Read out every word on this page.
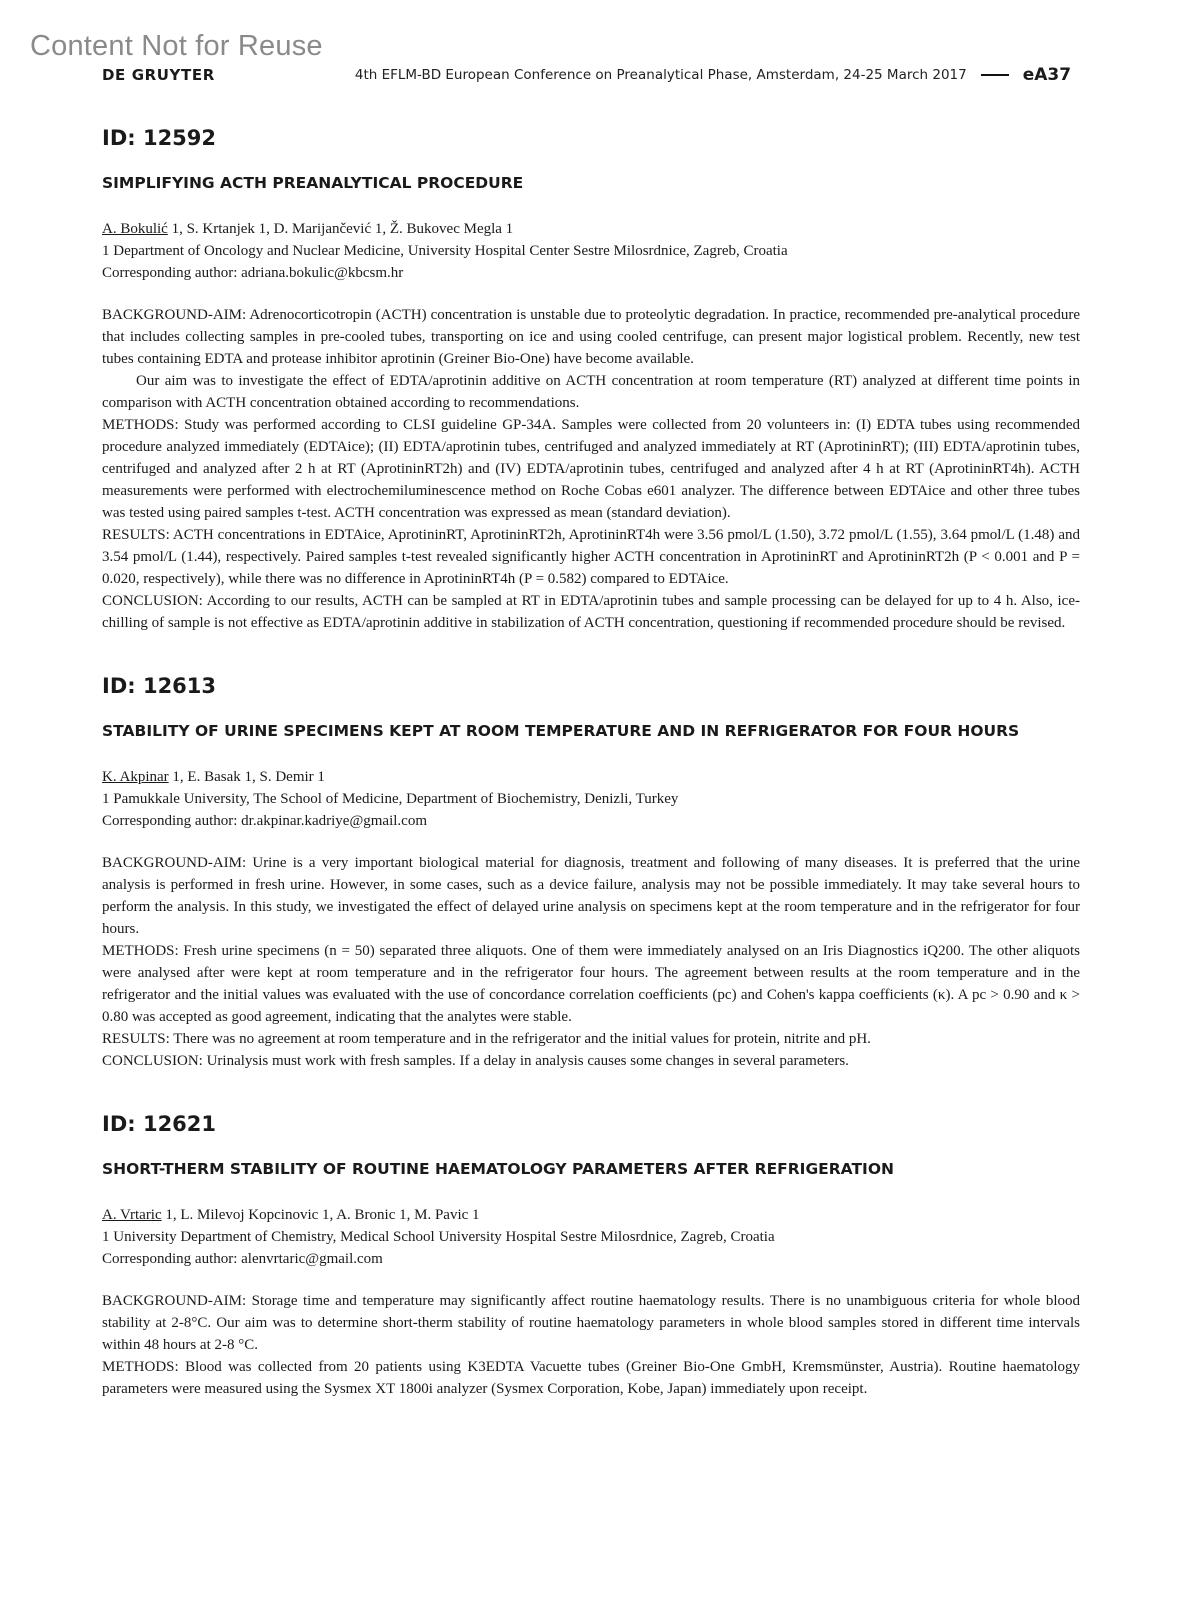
Content Not for Reuse
DE GRUYTER	4th EFLM-BD European Conference on Preanalytical Phase, Amsterdam, 24-25 March 2017	eA37
ID: 12592
SIMPLIFYING ACTH PREANALYTICAL PROCEDURE

A. Bokulić 1, S. Krtanjek 1, D. Marijančević 1, Ž. Bukovec Megla 1

1 Department of Oncology and Nuclear Medicine, University Hospital Center Sestre Milosrdnice, Zagreb, Croatia

Corresponding author: adriana.bokulic@kbcsm.hr

BACKGROUND-AIM: Adrenocorticotropin (ACTH) concentration is unstable due to proteolytic degradation. In practice, recommended pre-analytical procedure that includes collecting samples in pre-cooled tubes, transporting on ice and using cooled centrifuge, can present major logistical problem. Recently, new test tubes containing EDTA and protease inhibitor aprotinin (Greiner Bio-One) have become available.

Our aim was to investigate the effect of EDTA/aprotinin additive on ACTH concentration at room temperature (RT) analyzed at different time points in comparison with ACTH concentration obtained according to recommendations.

METHODS: Study was performed according to CLSI guideline GP-34A. Samples were collected from 20 volunteers in: (I) EDTA tubes using recommended procedure analyzed immediately (EDTAice); (II) EDTA/aprotinin tubes, centrifuged and analyzed immediately at RT (AprotininRT); (III) EDTA/aprotinin tubes, centrifuged and analyzed after 2 h at RT (AprotininRT2h) and (IV) EDTA/aprotinin tubes, centrifuged and analyzed after 4 h at RT (AprotininRT4h). ACTH measurements were performed with electrochemiluminescence method on Roche Cobas e601 analyzer. The difference between EDTAice and other three tubes was tested using paired samples t-test. ACTH concentration was expressed as mean (standard deviation).

RESULTS: ACTH concentrations in EDTAice, AprotininRT, AprotininRT2h, AprotininRT4h were 3.56 pmol/L (1.50), 3.72 pmol/L (1.55), 3.64 pmol/L (1.48) and 3.54 pmol/L (1.44), respectively. Paired samples t-test revealed significantly higher ACTH concentration in AprotininRT and AprotininRT2h (P < 0.001 and P = 0.020, respectively), while there was no difference in AprotininRT4h (P = 0.582) compared to EDTAice.

CONCLUSION: According to our results, ACTH can be sampled at RT in EDTA/aprotinin tubes and sample processing can be delayed for up to 4 h. Also, ice-chilling of sample is not effective as EDTA/aprotinin additive in stabilization of ACTH concentration, questioning if recommended procedure should be revised.

ID: 12613
STABILITY OF URINE SPECIMENS KEPT AT ROOM TEMPERATURE AND IN REFRIGERATOR FOR FOUR HOURS

K. Akpinar 1, E. Basak 1, S. Demir 1

1 Pamukkale University, The School of Medicine, Department of Biochemistry, Denizli, Turkey

Corresponding author: dr.akpinar.kadriye@gmail.com

BACKGROUND-AIM: Urine is a very important biological material for diagnosis, treatment and following of many diseases. It is preferred that the urine analysis is performed in fresh urine. However, in some cases, such as a device failure, analysis may not be possible immediately. It may take several hours to perform the analysis. In this study, we investigated the effect of delayed urine analysis on specimens kept at the room temperature and in the refrigerator for four hours.

METHODS: Fresh urine specimens (n = 50) separated three aliquots. One of them were immediately analysed on an Iris Diagnostics iQ200. The other aliquots were analysed after were kept at room temperature and in the refrigerator four hours. The agreement between results at the room temperature and in the refrigerator and the initial values was evaluated with the use of concordance correlation coefficients (pc) and Cohen's kappa coefficients (κ). A pc > 0.90 and κ > 0.80 was accepted as good agreement, indicating that the analytes were stable.

RESULTS: There was no agreement at room temperature and in the refrigerator and the initial values for protein, nitrite and pH.

CONCLUSION: Urinalysis must work with fresh samples. If a delay in analysis causes some changes in several parameters.

ID: 12621
SHORT-THERM STABILITY OF ROUTINE HAEMATOLOGY PARAMETERS AFTER REFRIGERATION

A. Vrtaric 1, L. Milevoj Kopcinovic 1, A. Bronic 1, M. Pavic 1

1 University Department of Chemistry, Medical School University Hospital Sestre Milosrdnice, Zagreb, Croatia

Corresponding author: alenvrtaric@gmail.com

BACKGROUND-AIM: Storage time and temperature may significantly affect routine haematology results. There is no unambiguous criteria for whole blood stability at 2-8°C. Our aim was to determine short-therm stability of routine haematology parameters in whole blood samples stored in different time intervals within 48 hours at 2-8 °C.

METHODS: Blood was collected from 20 patients using K3EDTA Vacuette tubes (Greiner Bio-One GmbH, Kremsmünster, Austria). Routine haematology parameters were measured using the Sysmex XT 1800i analyzer (Sysmex Corporation, Kobe, Japan) immediately upon receipt.
